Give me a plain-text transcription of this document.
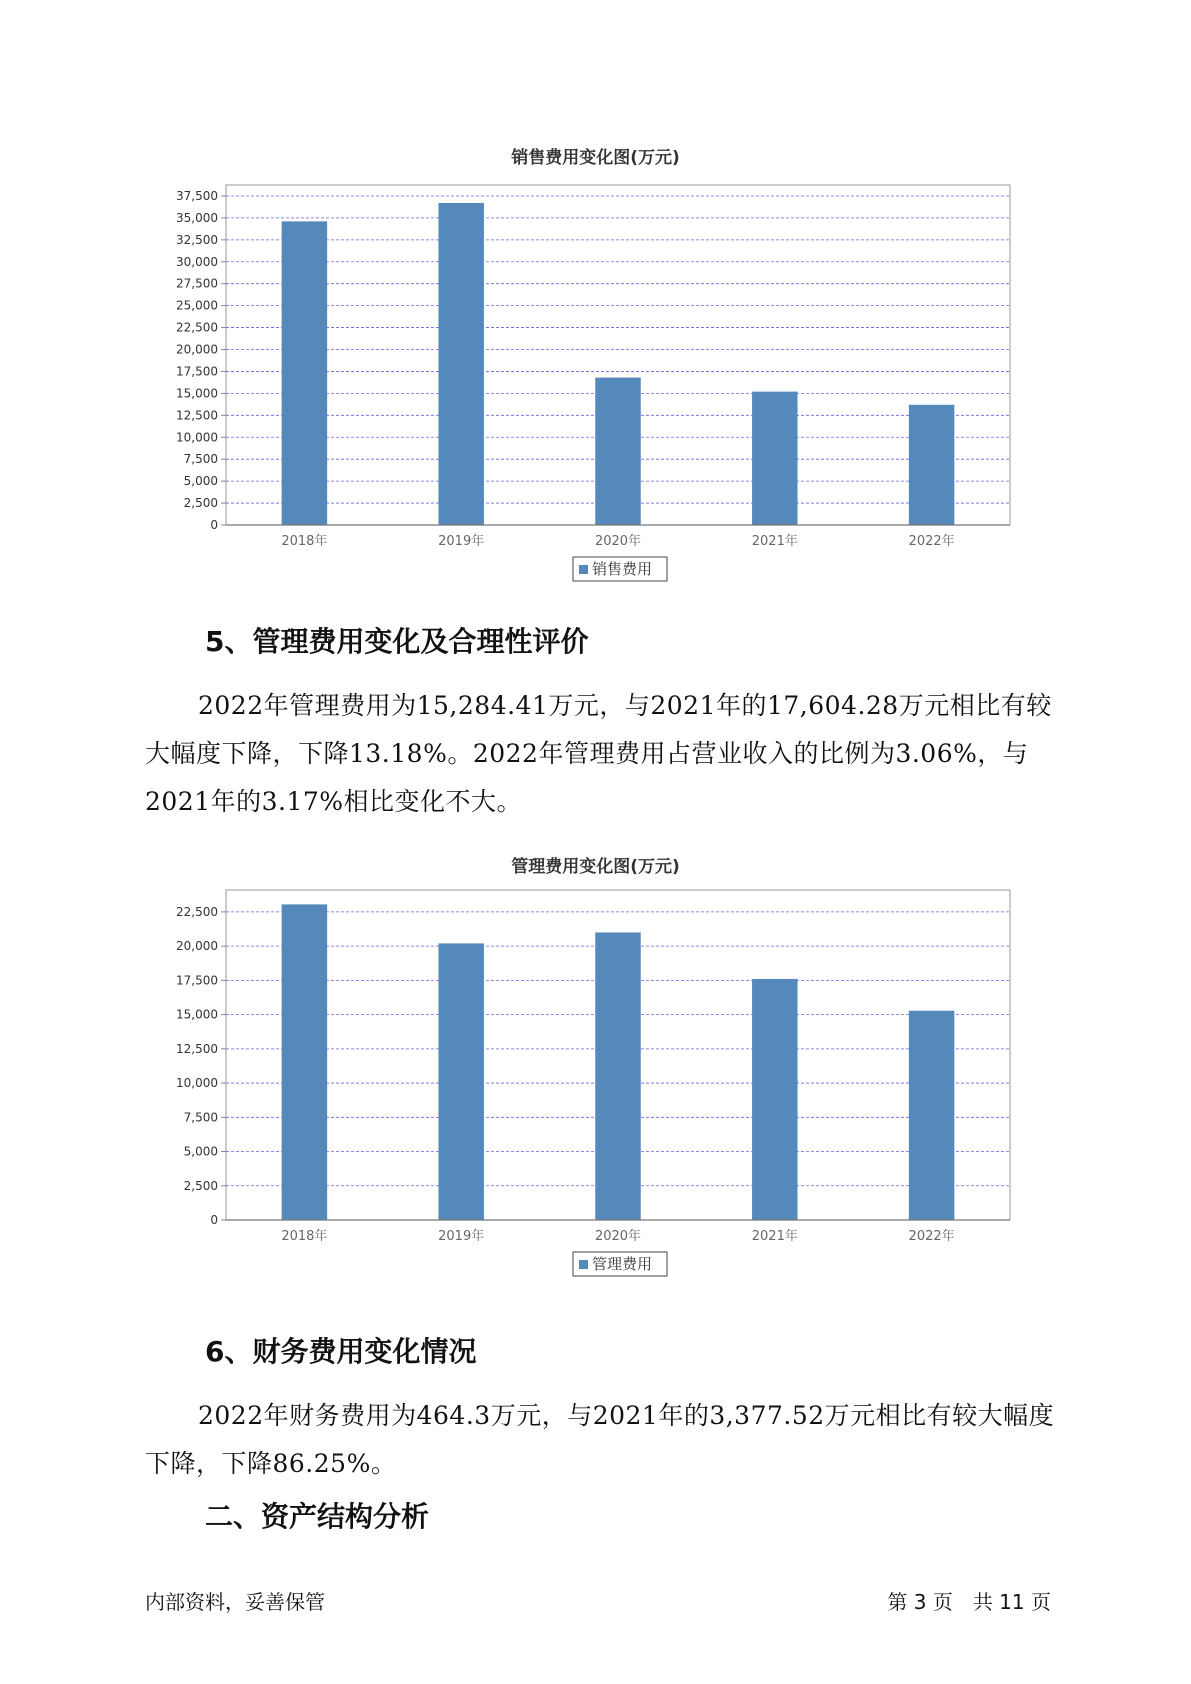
销售费用变化图(万元)
0
2,500
5,000
7,500
10,000
12,500
15,000
17,500
20,000
22,500
25,000
27,500
30,000
32,500
35,000
37,500
2018年	2019年	2020年	2021年	2022年
销售费用
5、管理费用变化及合理性评价

2022年管理费用为15,284.41万元，与2021年的17,604.28万元相比有较大幅度下降，下降13.18%。2022年管理费用占营业收入的比例为3.06%，与2021年的3.17%相比变化不大。

管理费用变化图(万元)
0
2,500
5,000
7,500
10,000
12,500
15,000
17,500
20,000
22,500
2018年	2019年	2020年	2021年	2022年
管理费用
6、财务费用变化情况

2022年财务费用为464.3万元，与2021年的3,377.52万元相比有较大幅度下降，下降86.25%。

二、资产结构分析
内部资料，妥善保管	第 3 页　共 11 页
